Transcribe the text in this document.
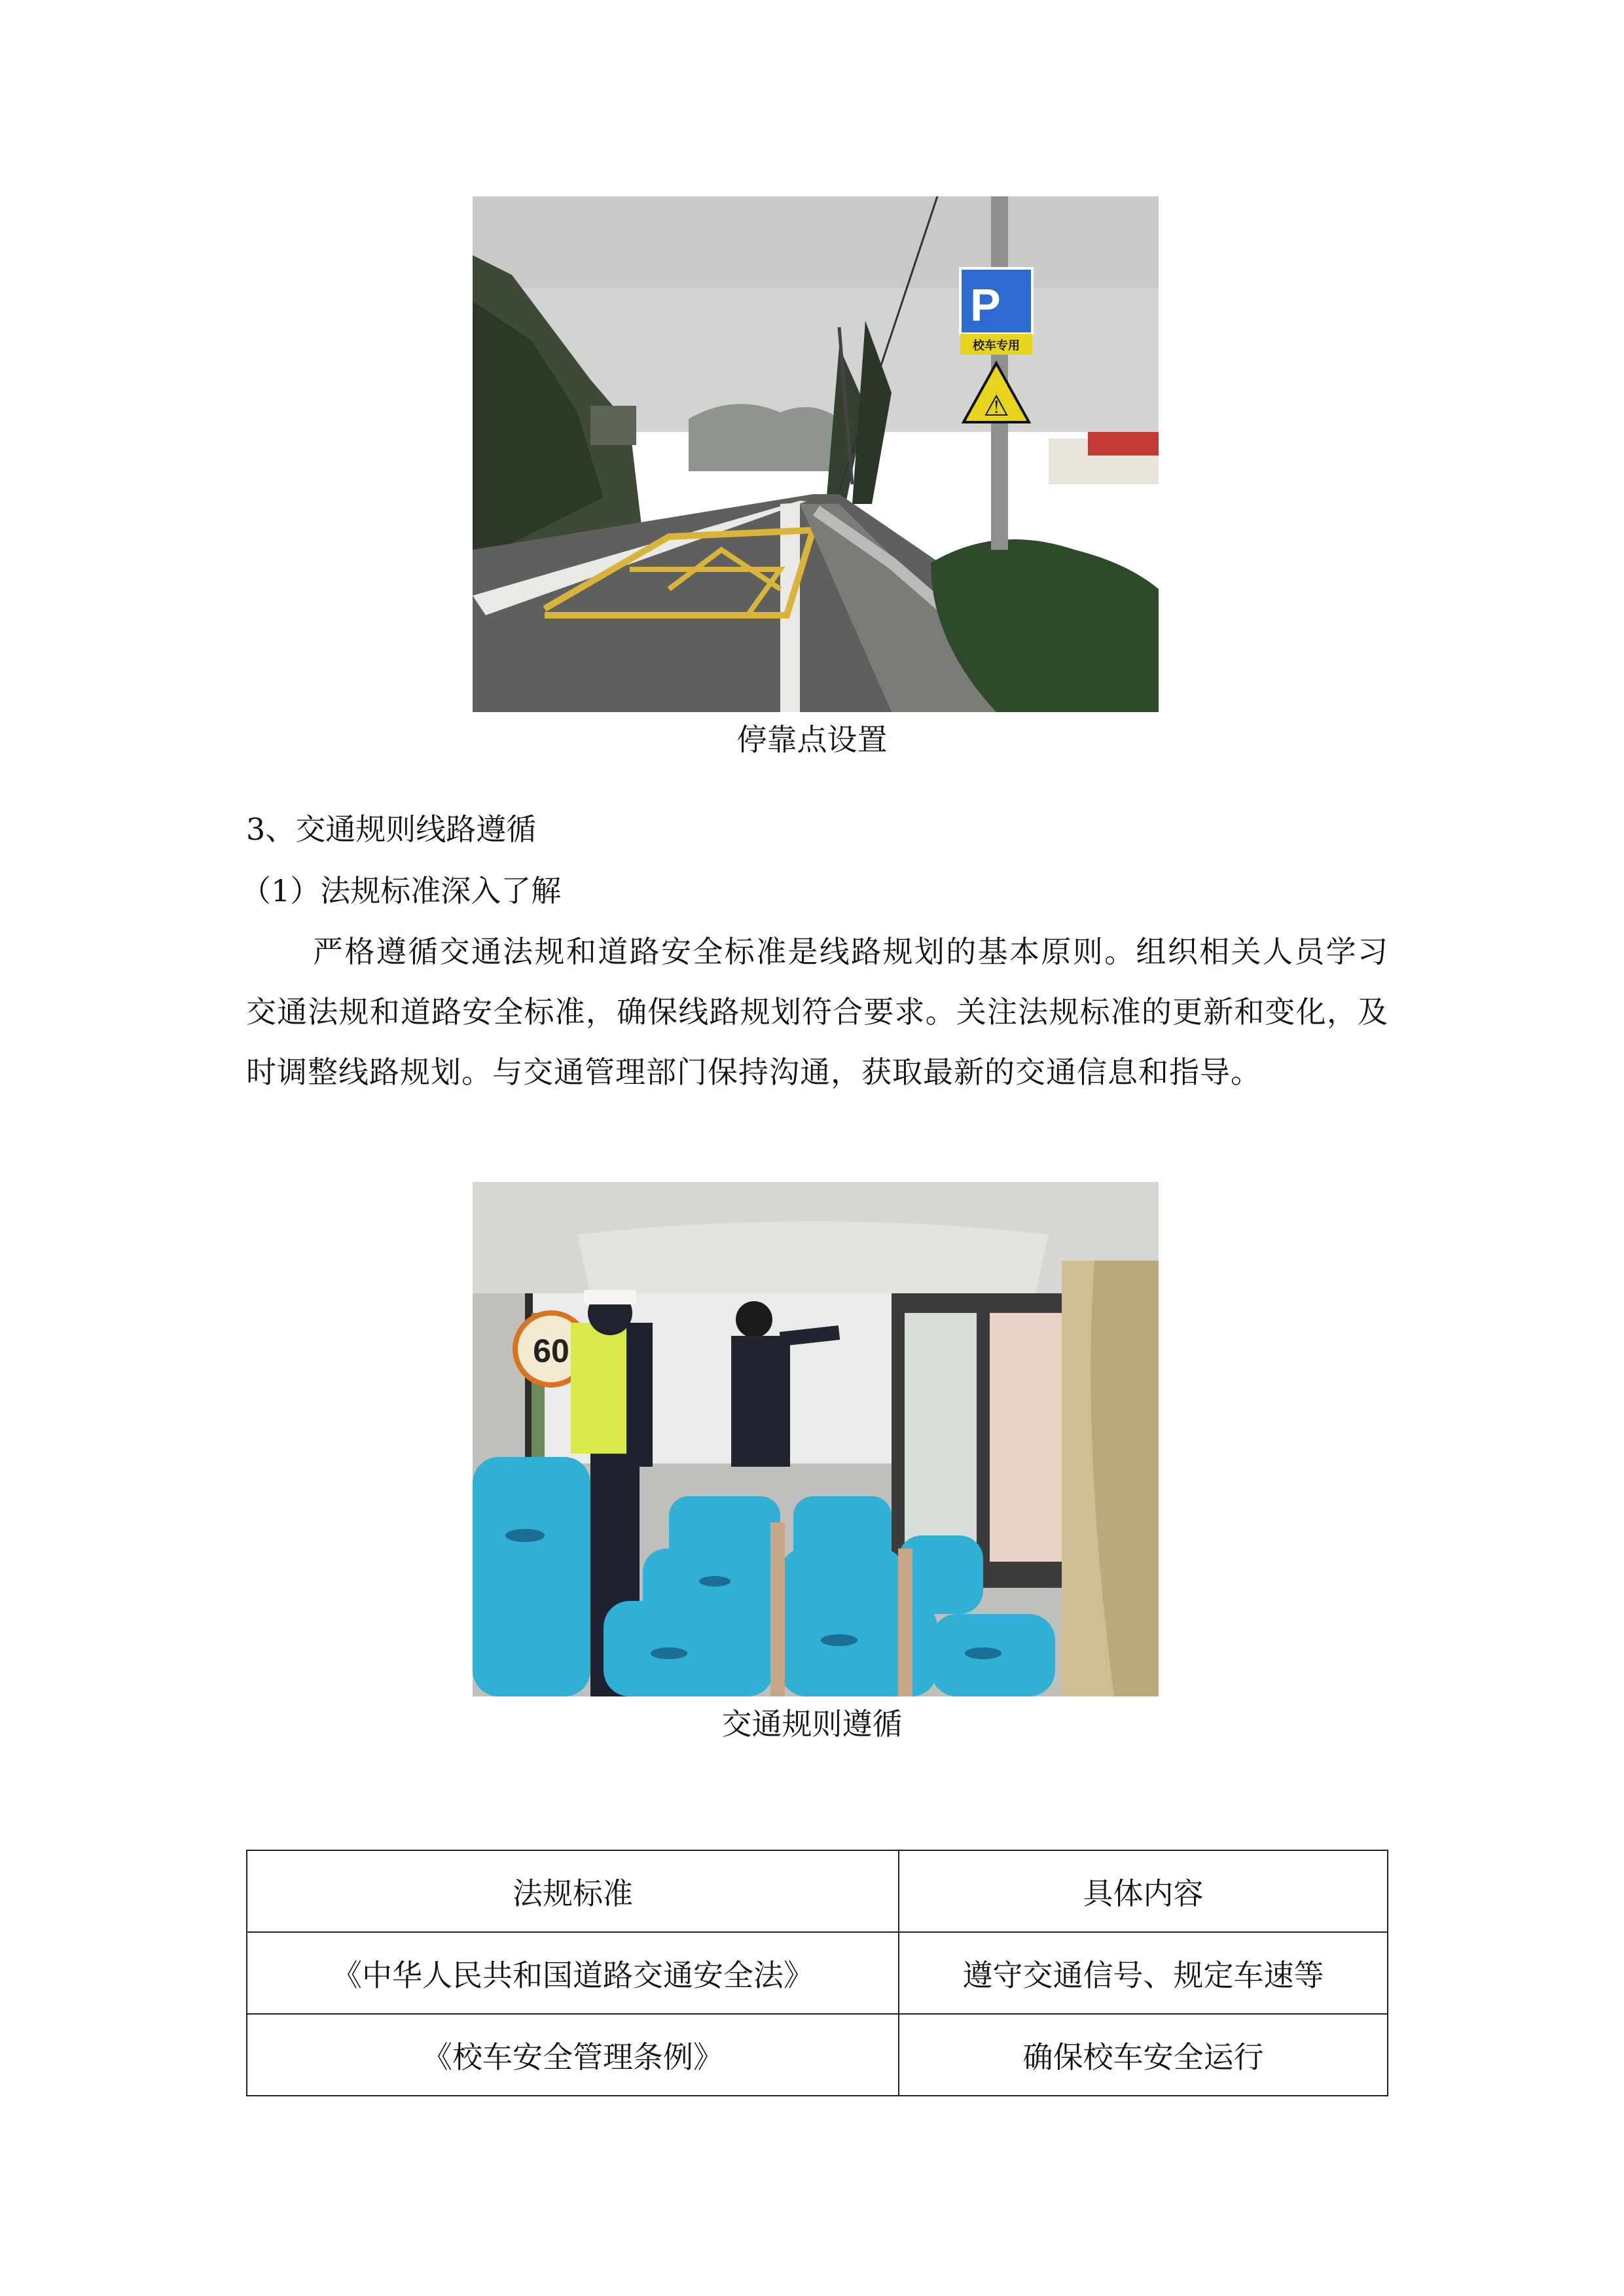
P
校车专用
⚠
停靠点设置
3、交通规则线路遵循
（1）法规标准深入了解

严格遵循交通法规和道路安全标准是线路规划的基本原则。组织相关人员学习交通法规和道路安全标准，确保线路规划符合要求。关注法规标准的更新和变化，及时调整线路规划。与交通管理部门保持沟通，获取最新的交通信息和指导。

60
交通规则遵循
法规标准	具体内容
《中华人民共和国道路交通安全法》	遵守交通信号、规定车速等
《校车安全管理条例》	确保校车安全运行
